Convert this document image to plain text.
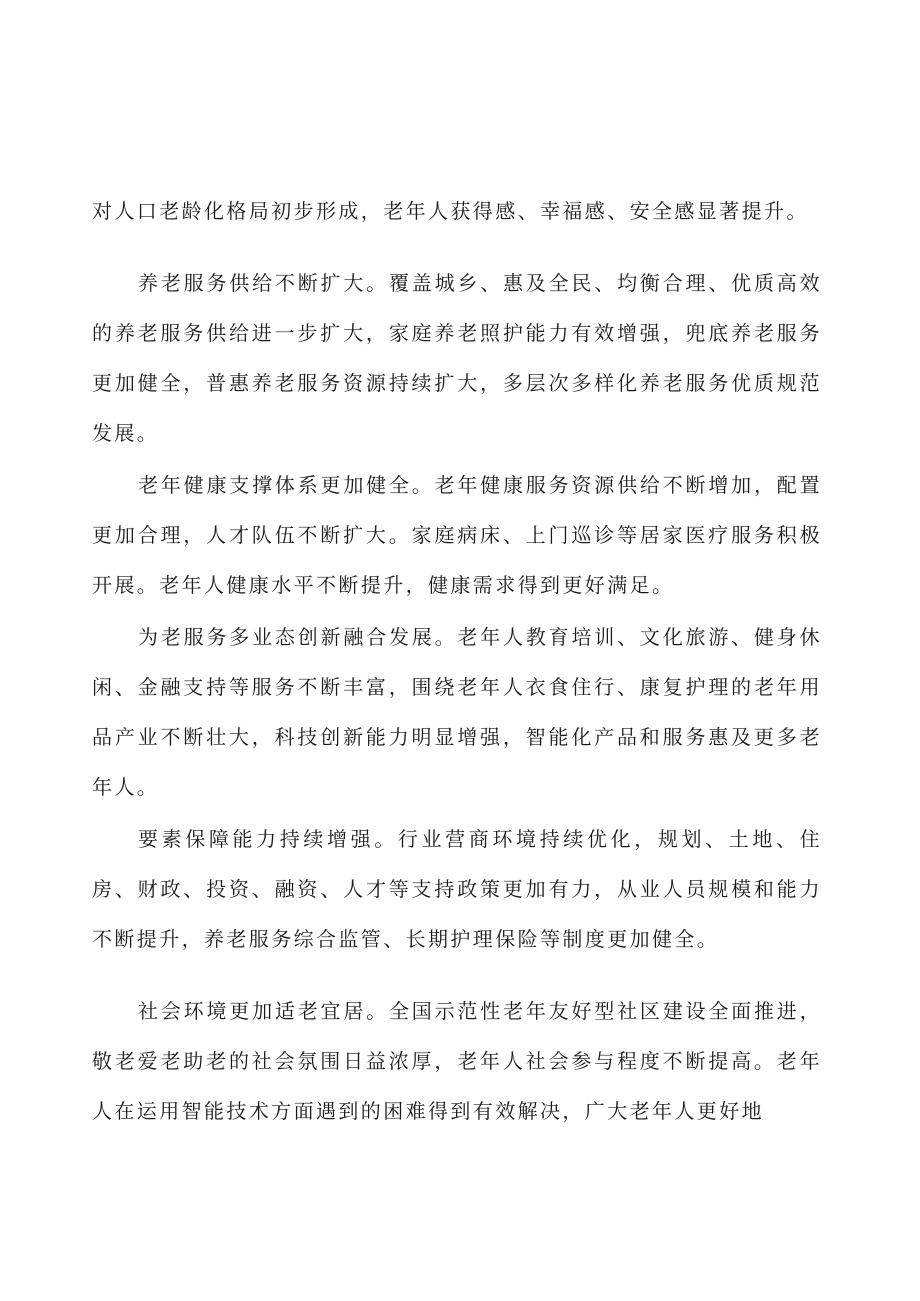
对人口老龄化格局初步形成，老年人获得感、幸福感、安全感显著提升。

养老服务供给不断扩大。覆盖城乡、惠及全民、均衡合理、优质高效的养老服务供给进一步扩大，家庭养老照护能力有效增强，兜底养老服务更加健全，普惠养老服务资源持续扩大，多层次多样化养老服务优质规范发展。

老年健康支撑体系更加健全。老年健康服务资源供给不断增加，配置更加合理，人才队伍不断扩大。家庭病床、上门巡诊等居家医疗服务积极开展。老年人健康水平不断提升，健康需求得到更好满足。

为老服务多业态创新融合发展。老年人教育培训、文化旅游、健身休闲、金融支持等服务不断丰富，围绕老年人衣食住行、康复护理的老年用品产业不断壮大，科技创新能力明显增强，智能化产品和服务惠及更多老年人。

要素保障能力持续增强。行业营商环境持续优化，规划、土地、住房、财政、投资、融资、人才等支持政策更加有力，从业人员规模和能力不断提升，养老服务综合监管、长期护理保险等制度更加健全。

社会环境更加适老宜居。全国示范性老年友好型社区建设全面推进，敬老爱老助老的社会氛围日益浓厚，老年人社会参与程度不断提高。老年人在运用智能技术方面遇到的困难得到有效解决，广大老年人更好地
